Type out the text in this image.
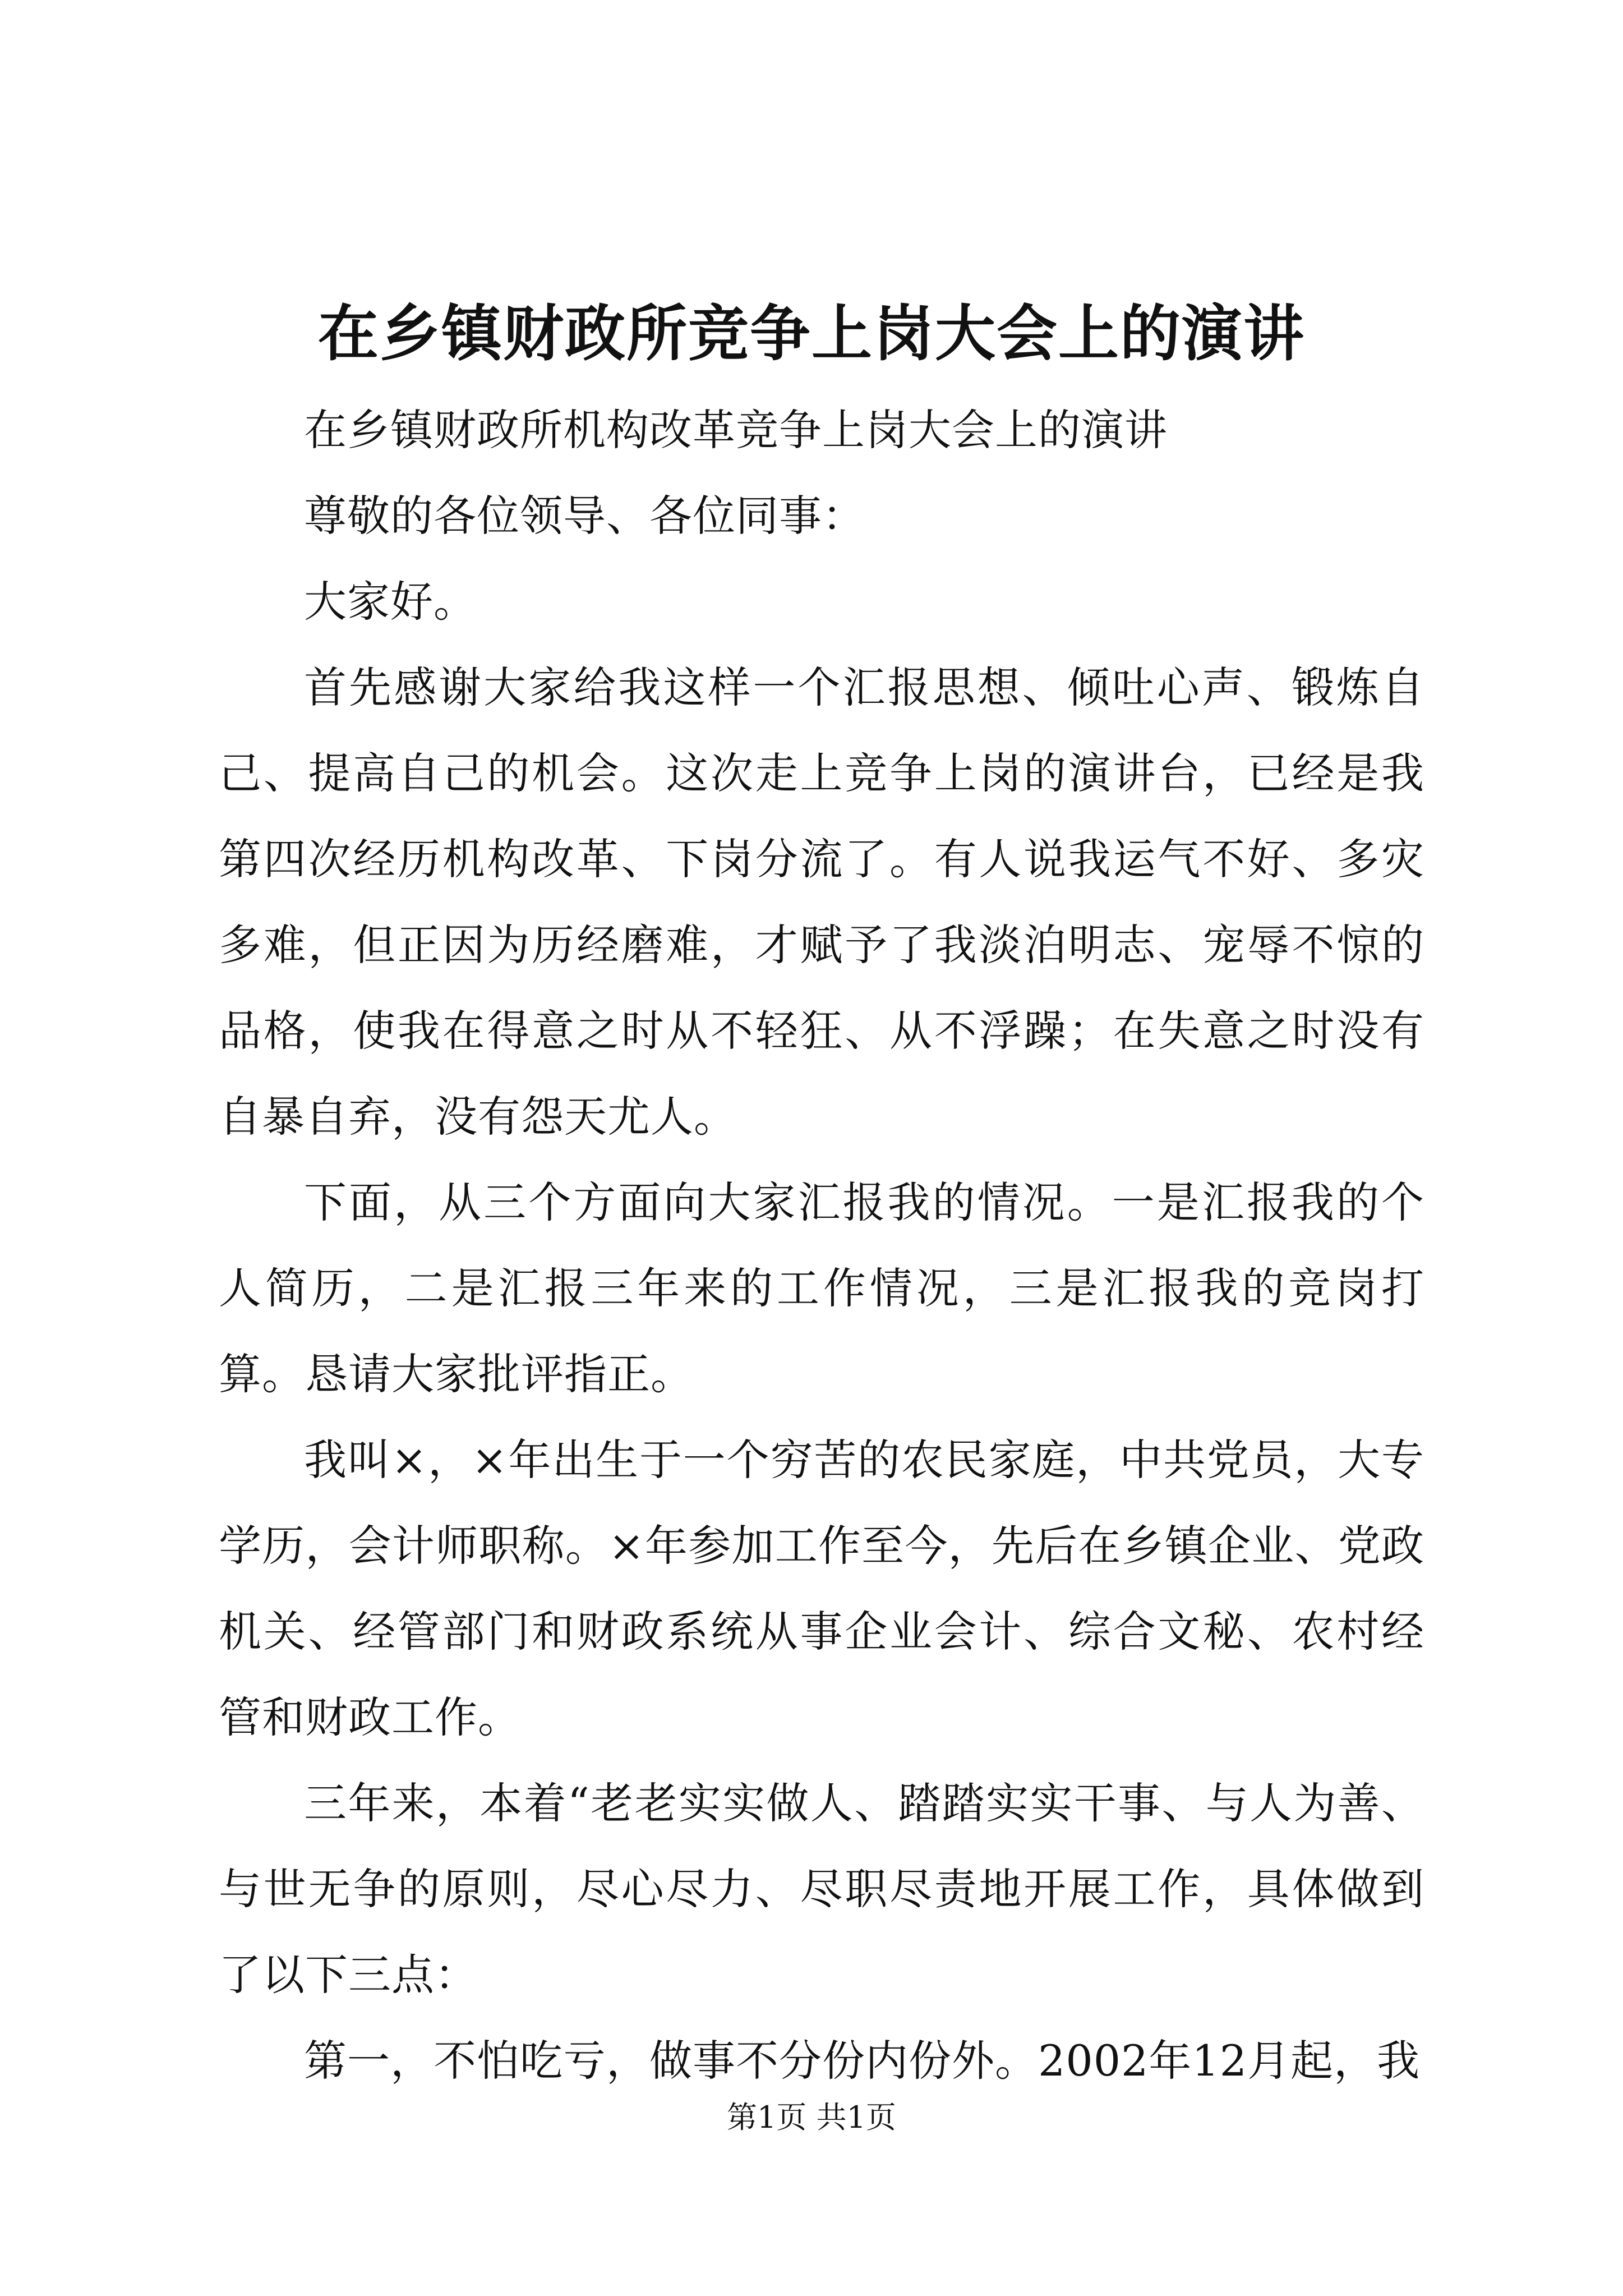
在乡镇财政所竞争上岗大会上的演讲

在乡镇财政所机构改革竞争上岗大会上的演讲

尊敬的各位领导、各位同事：

大家好。

首先感谢大家给我这样一个汇报思想、倾吐心声、锻炼自己、提高自己的机会。这次走上竞争上岗的演讲台，已经是我第四次经历机构改革、下岗分流了。有人说我运气不好、多灾多难，但正因为历经磨难，才赋予了我淡泊明志、宠辱不惊的品格，使我在得意之时从不轻狂、从不浮躁；在失意之时没有自暴自弃，没有怨天尤人。

下面，从三个方面向大家汇报我的情况。一是汇报我的个人简历，二是汇报三年来的工作情况，三是汇报我的竞岗打算。恳请大家批评指正。

我叫×，×年出生于一个穷苦的农民家庭，中共党员，大专学历，会计师职称。×年参加工作至今，先后在乡镇企业、党政机关、经管部门和财政系统从事企业会计、综合文秘、农村经管和财政工作。

三年来，本着“老老实实做人、踏踏实实干事、与人为善、与世无争的原则，尽心尽力、尽职尽责地开展工作，具体做到了以下三点：

第一，不怕吃亏，做事不分份内份外。2002年12月起，我

第1页 共1页
